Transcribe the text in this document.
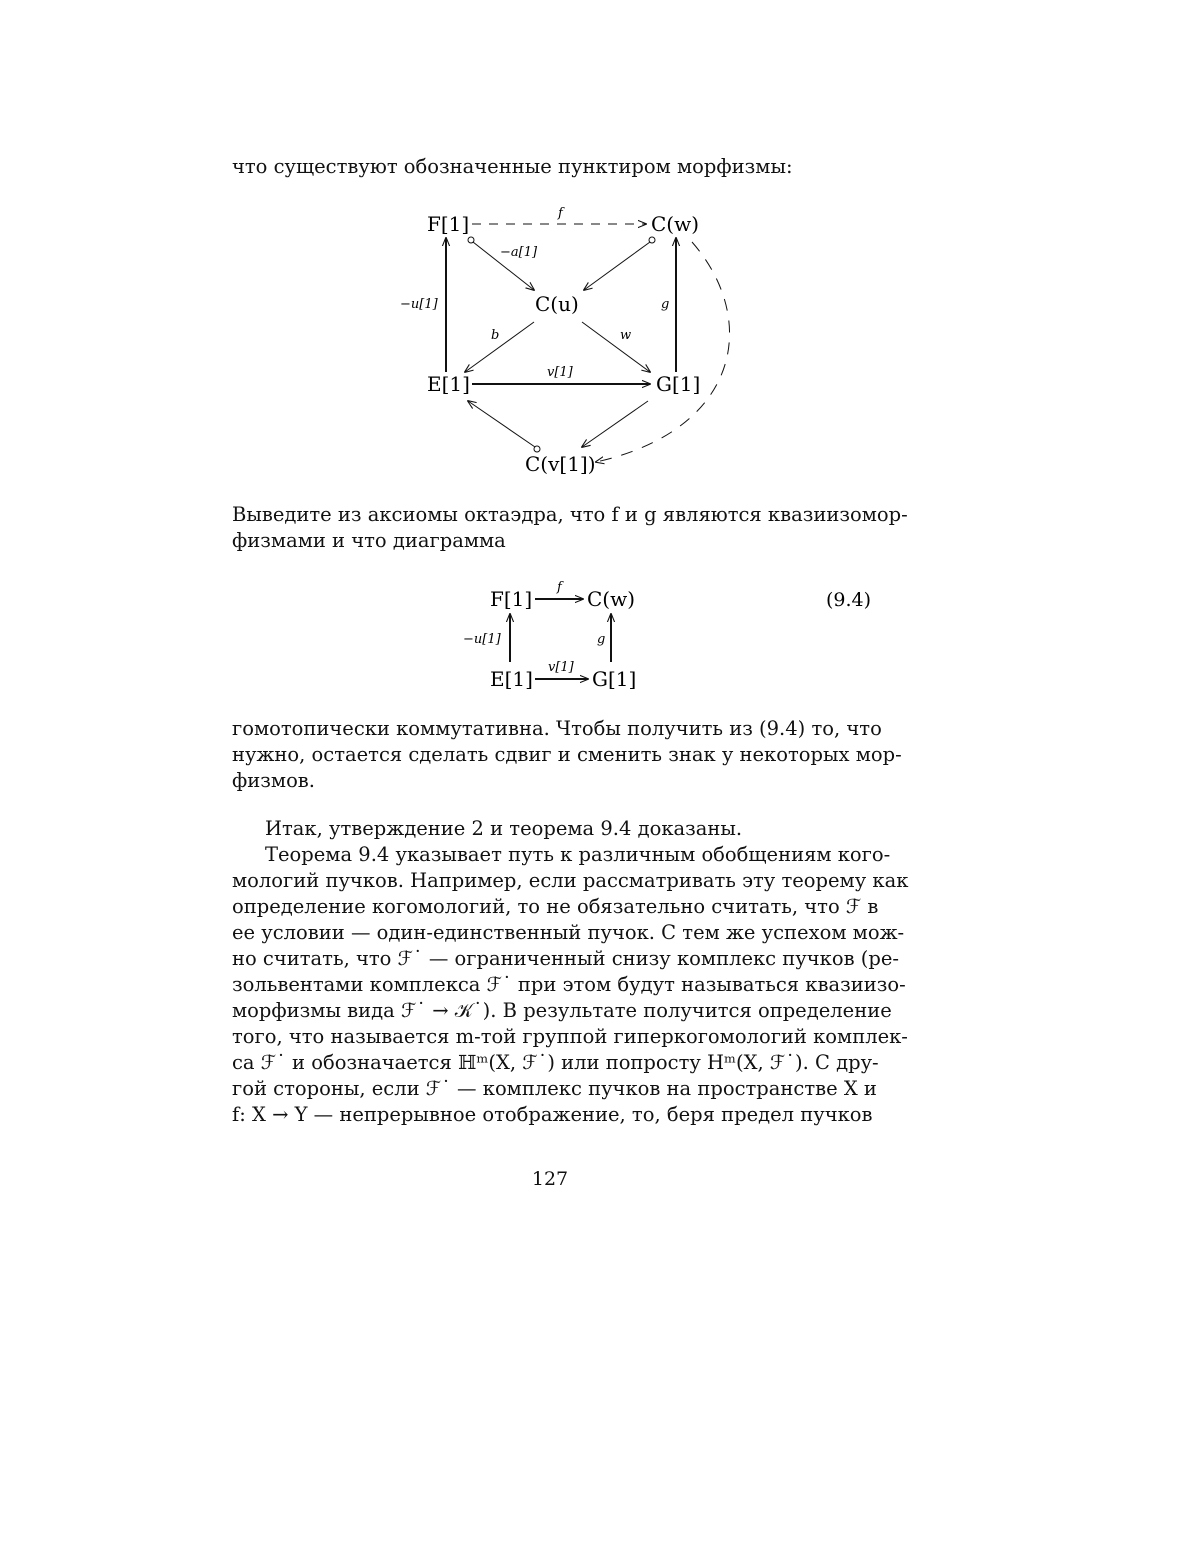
что существуют обозначенные пунктиром морфизмы:
F[1]	C(w)
C(u)
E[1]	G[1]
C(v[1])
f
−u[1]	g
−a[1]
b	w
v[1]
Выведите из аксиомы октаэдра, что f и g являются квазиизомор-
физмами и что диаграмма
F[1]	C(w)
E[1]	G[1]
f
v[1]
−u[1]	g
(9.4)
гомотопически коммутативна. Чтобы получить из (9.4) то, что
нужно, остается сделать сдвиг и сменить знак у некоторых мор-
физмов.
Итак, утверждение 2 и теорема 9.4 доказаны.
Теорема 9.4 указывает путь к различным обобщениям когo-
мологий пучков. Например, если рассматривать эту теорему как
определение когомологий, то не обязательно считать, что ℱ в
ее условии — один-единственный пучок. С тем же успехом мож-
но считать, что ℱ˙ — ограниченный снизу комплекс пучков (ре-
зольвентами комплекса ℱ˙ при этом будут называться квазиизо-
морфизмы вида ℱ˙ → 𝒦˙). В результате получится определение
того, что называется m-той группой гиперкогомологий комплек-
са ℱ˙ и обозначается ℍᵐ(X, ℱ˙) или попросту Hᵐ(X, ℱ˙). С дру-
гой стороны, если ℱ˙ — комплекс пучков на пространстве X и
f: X → Y — непрерывное отображение, то, беря предел пучков
127
